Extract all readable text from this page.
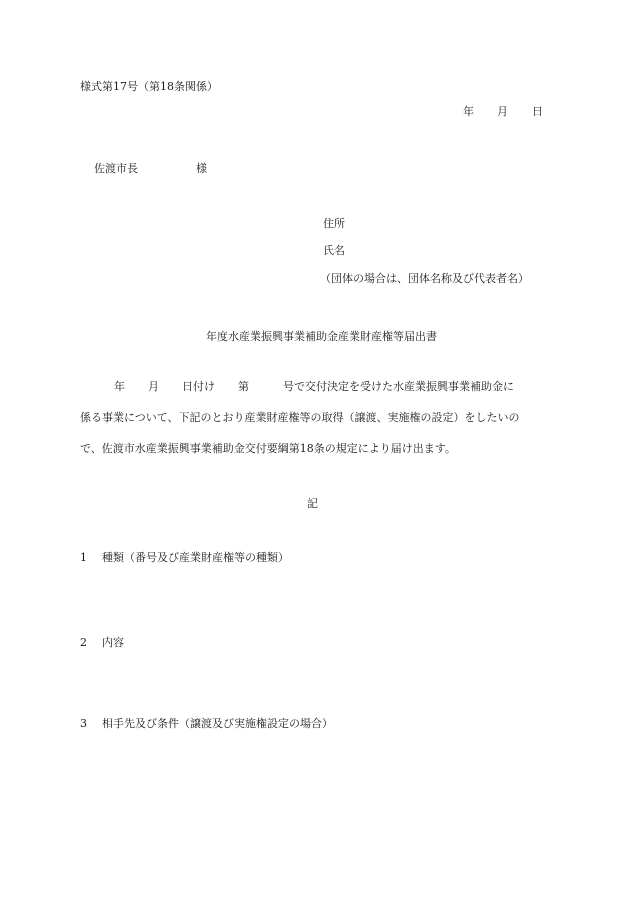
様式第17号（第18条関係）
年 月 日
佐渡市長	様
住所
氏名
（団体の場合は、団体名称及び代表者名）
年度水産業振興事業補助金産業財産権等届出書
年 月 日付け 第	号で交付決定を受けた水産業振興事業補助金に
係る事業について、下記のとおり産業財産権等の取得（譲渡、実施権の設定）をしたいの
で、佐渡市水産業振興事業補助金交付要綱第18条の規定により届け出ます。
記
1 種類（番号及び産業財産権等の種類）
2 内容
3 相手先及び条件（譲渡及び実施権設定の場合）
